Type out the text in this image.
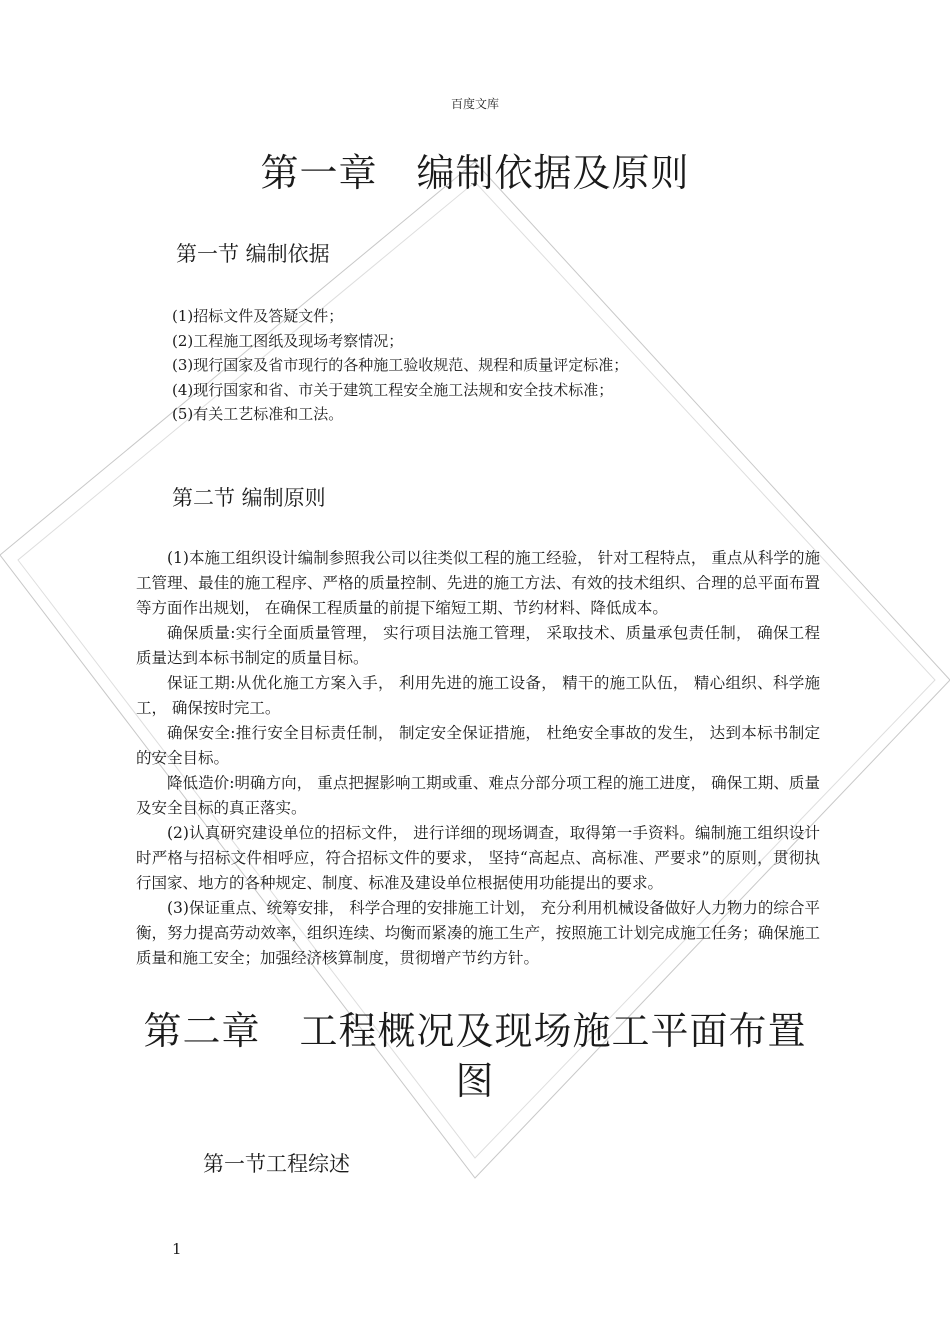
百度文库
第一章　编制依据及原则
第一节 编制依据
(1)招标文件及答疑文件；
(2)工程施工图纸及现场考察情况；
(3)现行国家及省市现行的各种施工验收规范、规程和质量评定标准；
(4)现行国家和省、市关于建筑工程安全施工法规和安全技术标准；
(5)有关工艺标准和工法。
第二节 编制原则

(1)本施工组织设计编制参照我公司以往类似工程的施工经验， 针对工程特点， 重点从科学的施工管理、最佳的施工程序、严格的质量控制、先进的施工方法、有效的技术组织、合理的总平面布置等方面作出规划， 在确保工程质量的前提下缩短工期、节约材料、降低成本。

确保质量:实行全面质量管理， 实行项目法施工管理， 采取技术、质量承包责任制， 确保工程质量达到本标书制定的质量目标。

保证工期:从优化施工方案入手， 利用先进的施工设备， 精干的施工队伍， 精心组织、科学施工， 确保按时完工。

确保安全:推行安全目标责任制， 制定安全保证措施， 杜绝安全事故的发生， 达到本标书制定的安全目标。

降低造价:明确方向， 重点把握影响工期或重、难点分部分项工程的施工进度， 确保工期、质量及安全目标的真正落实。

(2)认真研究建设单位的招标文件， 进行详细的现场调查，取得第一手资料。编制施工组织设计时严格与招标文件相呼应，符合招标文件的要求， 坚持“高起点、高标准、严要求”的原则，贯彻执行国家、地方的各种规定、制度、标准及建设单位根据使用功能提出的要求。

(3)保证重点、统筹安排， 科学合理的安排施工计划， 充分利用机械设备做好人力物力的综合平衡，努力提高劳动效率，组织连续、均衡而紧凑的施工生产，按照施工计划完成施工任务；确保施工质量和施工安全；加强经济核算制度，贯彻增产节约方针。

第二章　工程概况及现场施工平面布置
图
第一节工程综述
1
